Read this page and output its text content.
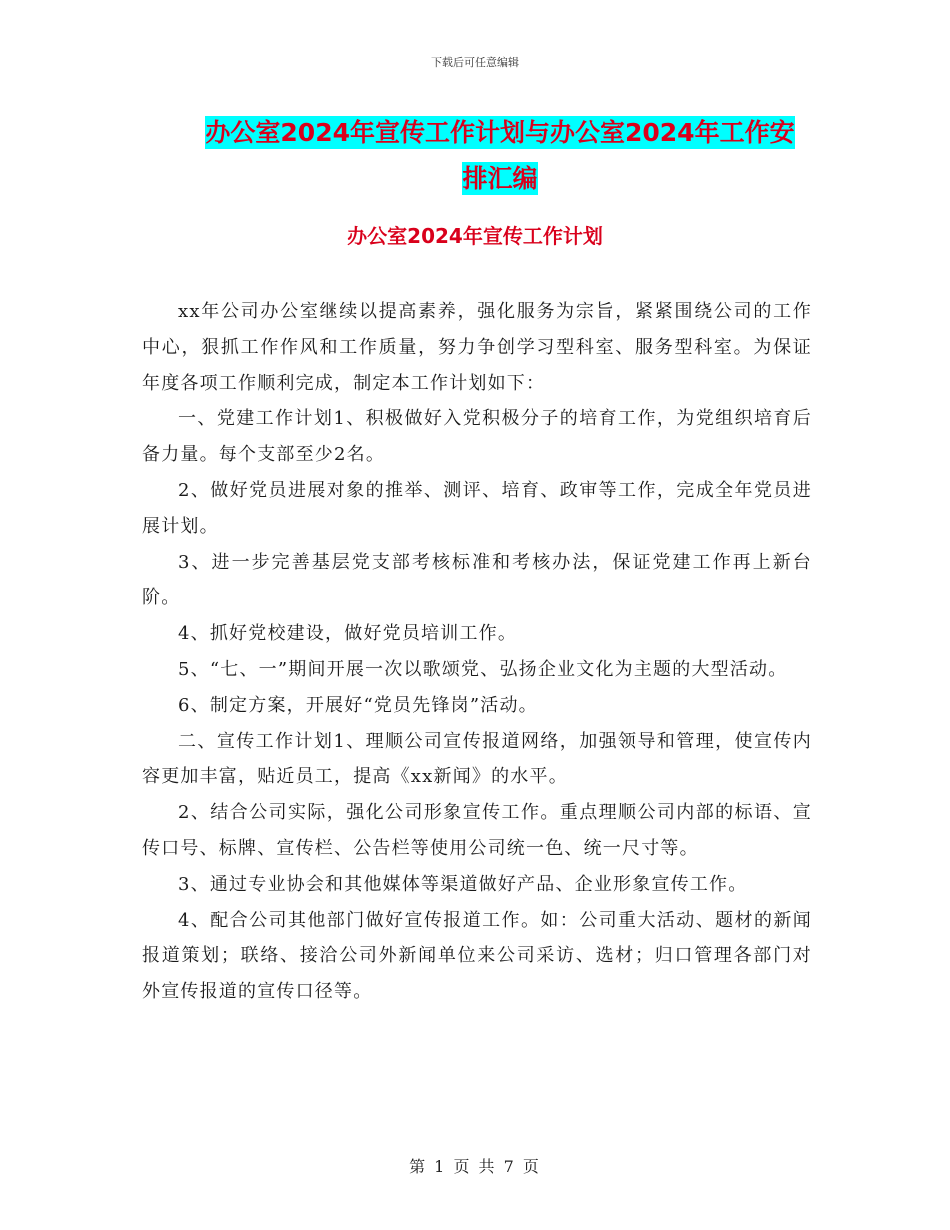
下载后可任意编辑
办公室2024年宣传工作计划与办公室2024年工作安
排汇编
办公室2024年宣传工作计划

xx年公司办公室继续以提高素养，强化服务为宗旨，紧紧围绕公司的工作中心，狠抓工作作风和工作质量，努力争创学习型科室、服务型科室。为保证年度各项工作顺利完成，制定本工作计划如下：

一、党建工作计划1、积极做好入党积极分子的培育工作，为党组织培育后备力量。每个支部至少2名。

2、做好党员进展对象的推举、测评、培育、政审等工作，完成全年党员进展计划。

3、进一步完善基层党支部考核标准和考核办法，保证党建工作再上新台阶。

4、抓好党校建设，做好党员培训工作。

5、“七、一”期间开展一次以歌颂党、弘扬企业文化为主题的大型活动。

6、制定方案，开展好“党员先锋岗”活动。

二、宣传工作计划1、理顺公司宣传报道网络，加强领导和管理，使宣传内容更加丰富，贴近员工，提高《xx新闻》的水平。

2、结合公司实际，强化公司形象宣传工作。重点理顺公司内部的标语、宣传口号、标牌、宣传栏、公告栏等使用公司统一色、统一尺寸等。

3、通过专业协会和其他媒体等渠道做好产品、企业形象宣传工作。

4、配合公司其他部门做好宣传报道工作。如：公司重大活动、题材的新闻报道策划；联络、接洽公司外新闻单位来公司采访、选材；归口管理各部门对外宣传报道的宣传口径等。

第 1 页 共 7 页
